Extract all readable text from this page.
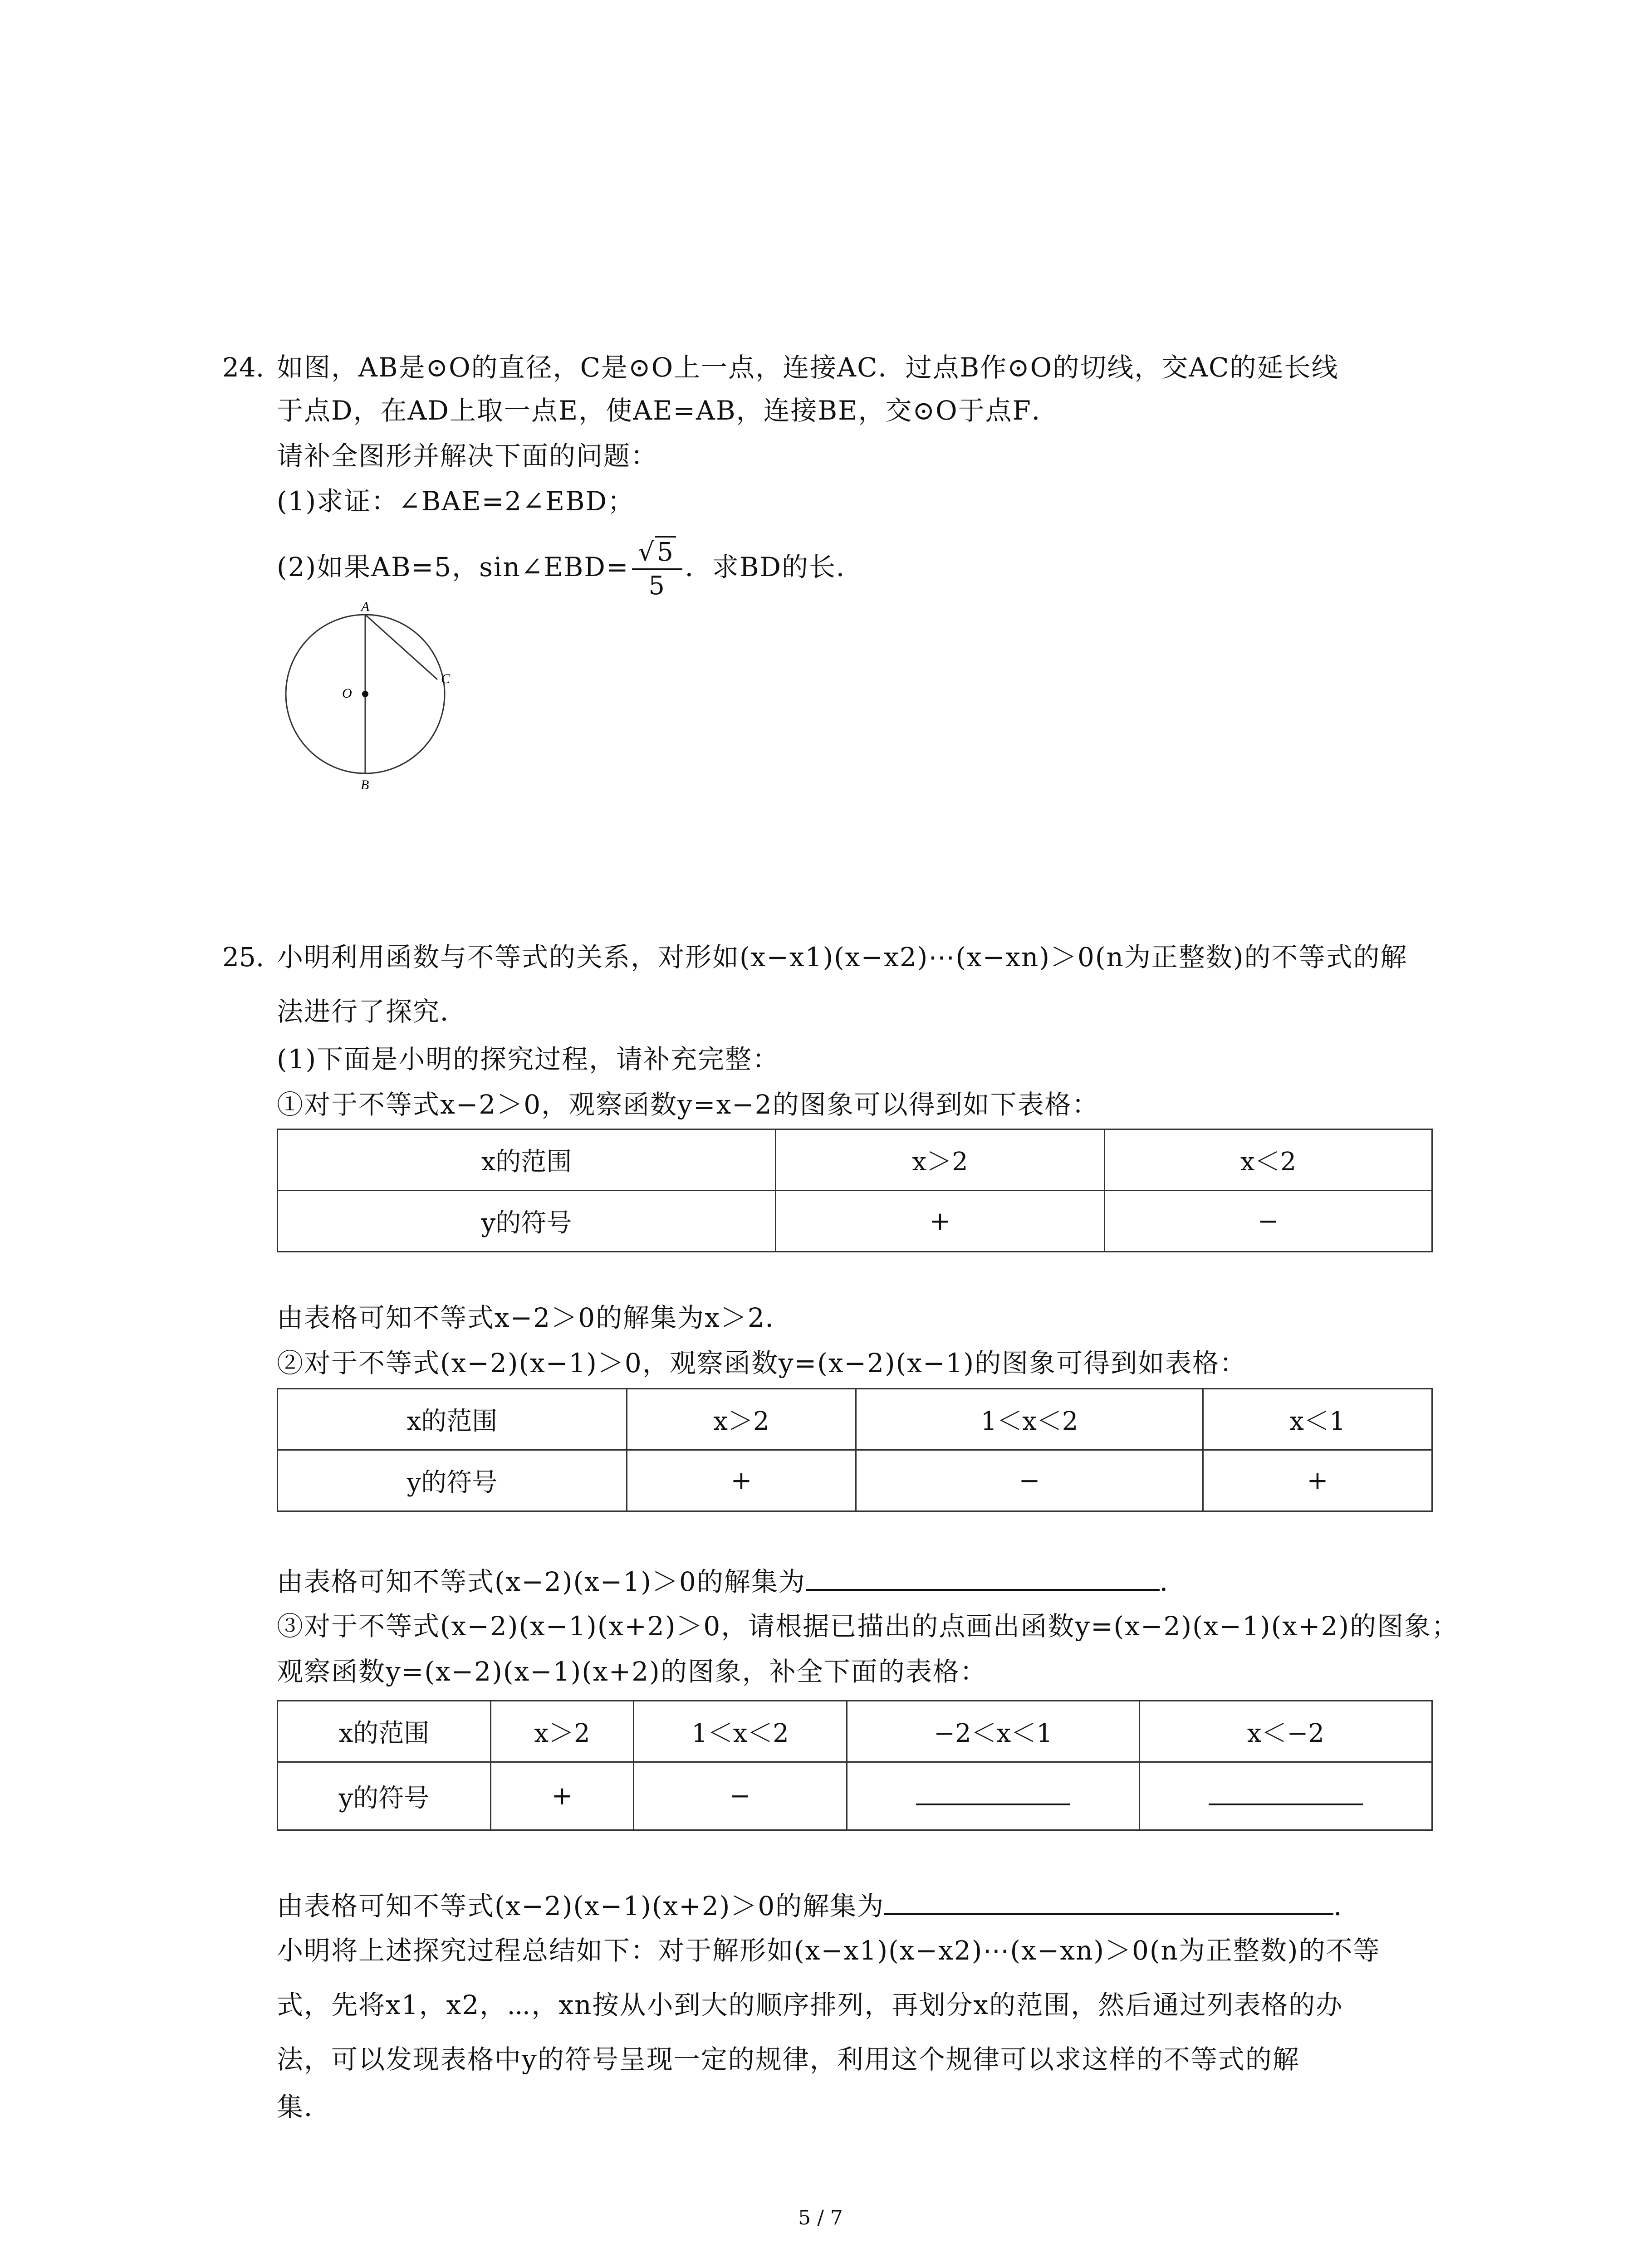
24. 如图，AB是⊙O的直径，C是⊙O上一点，连接AC．过点B作⊙O的切线，交AC的延长线
于点D，在AD上取一点E，使AE=AB，连接BE，交⊙O于点F．
请补全图形并解决下面的问题：
(1)求证：∠BAE=2∠EBD；
(2)如果AB=5，sin∠EBD= $\frac{√5}{5}$ ．求BD的长．
A
C
O
B
25. 小明利用函数与不等式的关系，对形如(x−x1)(x−x2)⋯(x−xn)＞0(n为正整数)的不等式的解
法进行了探究．
(1)下面是小明的探究过程，请补充完整：
①对于不等式x−2＞0，观察函数y=x−2的图象可以得到如下表格：
x的范围	x＞2	x＜2
y的符号	+	−
由表格可知不等式x−2＞0的解集为x＞2．
②对于不等式(x−2)(x−1)＞0，观察函数y=(x−2)(x−1)的图象可得到如表格：
x的范围	x＞2	1＜x＜2	x＜1
y的符号	+	−	+
由表格可知不等式(x−2)(x−1)＞0的解集为	．
③对于不等式(x−2)(x−1)(x+2)＞0，请根据已描出的点画出函数y=(x−2)(x−1)(x+2)的图象；
观察函数y=(x−2)(x−1)(x+2)的图象，补全下面的表格：
x的范围	x＞2	1＜x＜2	−2＜x＜1	x＜−2
y的符号	+	−		
由表格可知不等式(x−2)(x−1)(x+2)＞0的解集为	．
小明将上述探究过程总结如下：对于解形如(x−x1)(x−x2)⋯(x−xn)＞0(n为正整数)的不等
式，先将x1，x2，⋯，xn按从小到大的顺序排列，再划分x的范围，然后通过列表格的办
法，可以发现表格中y的符号呈现一定的规律，利用这个规律可以求这样的不等式的解
集．
5 / 7
